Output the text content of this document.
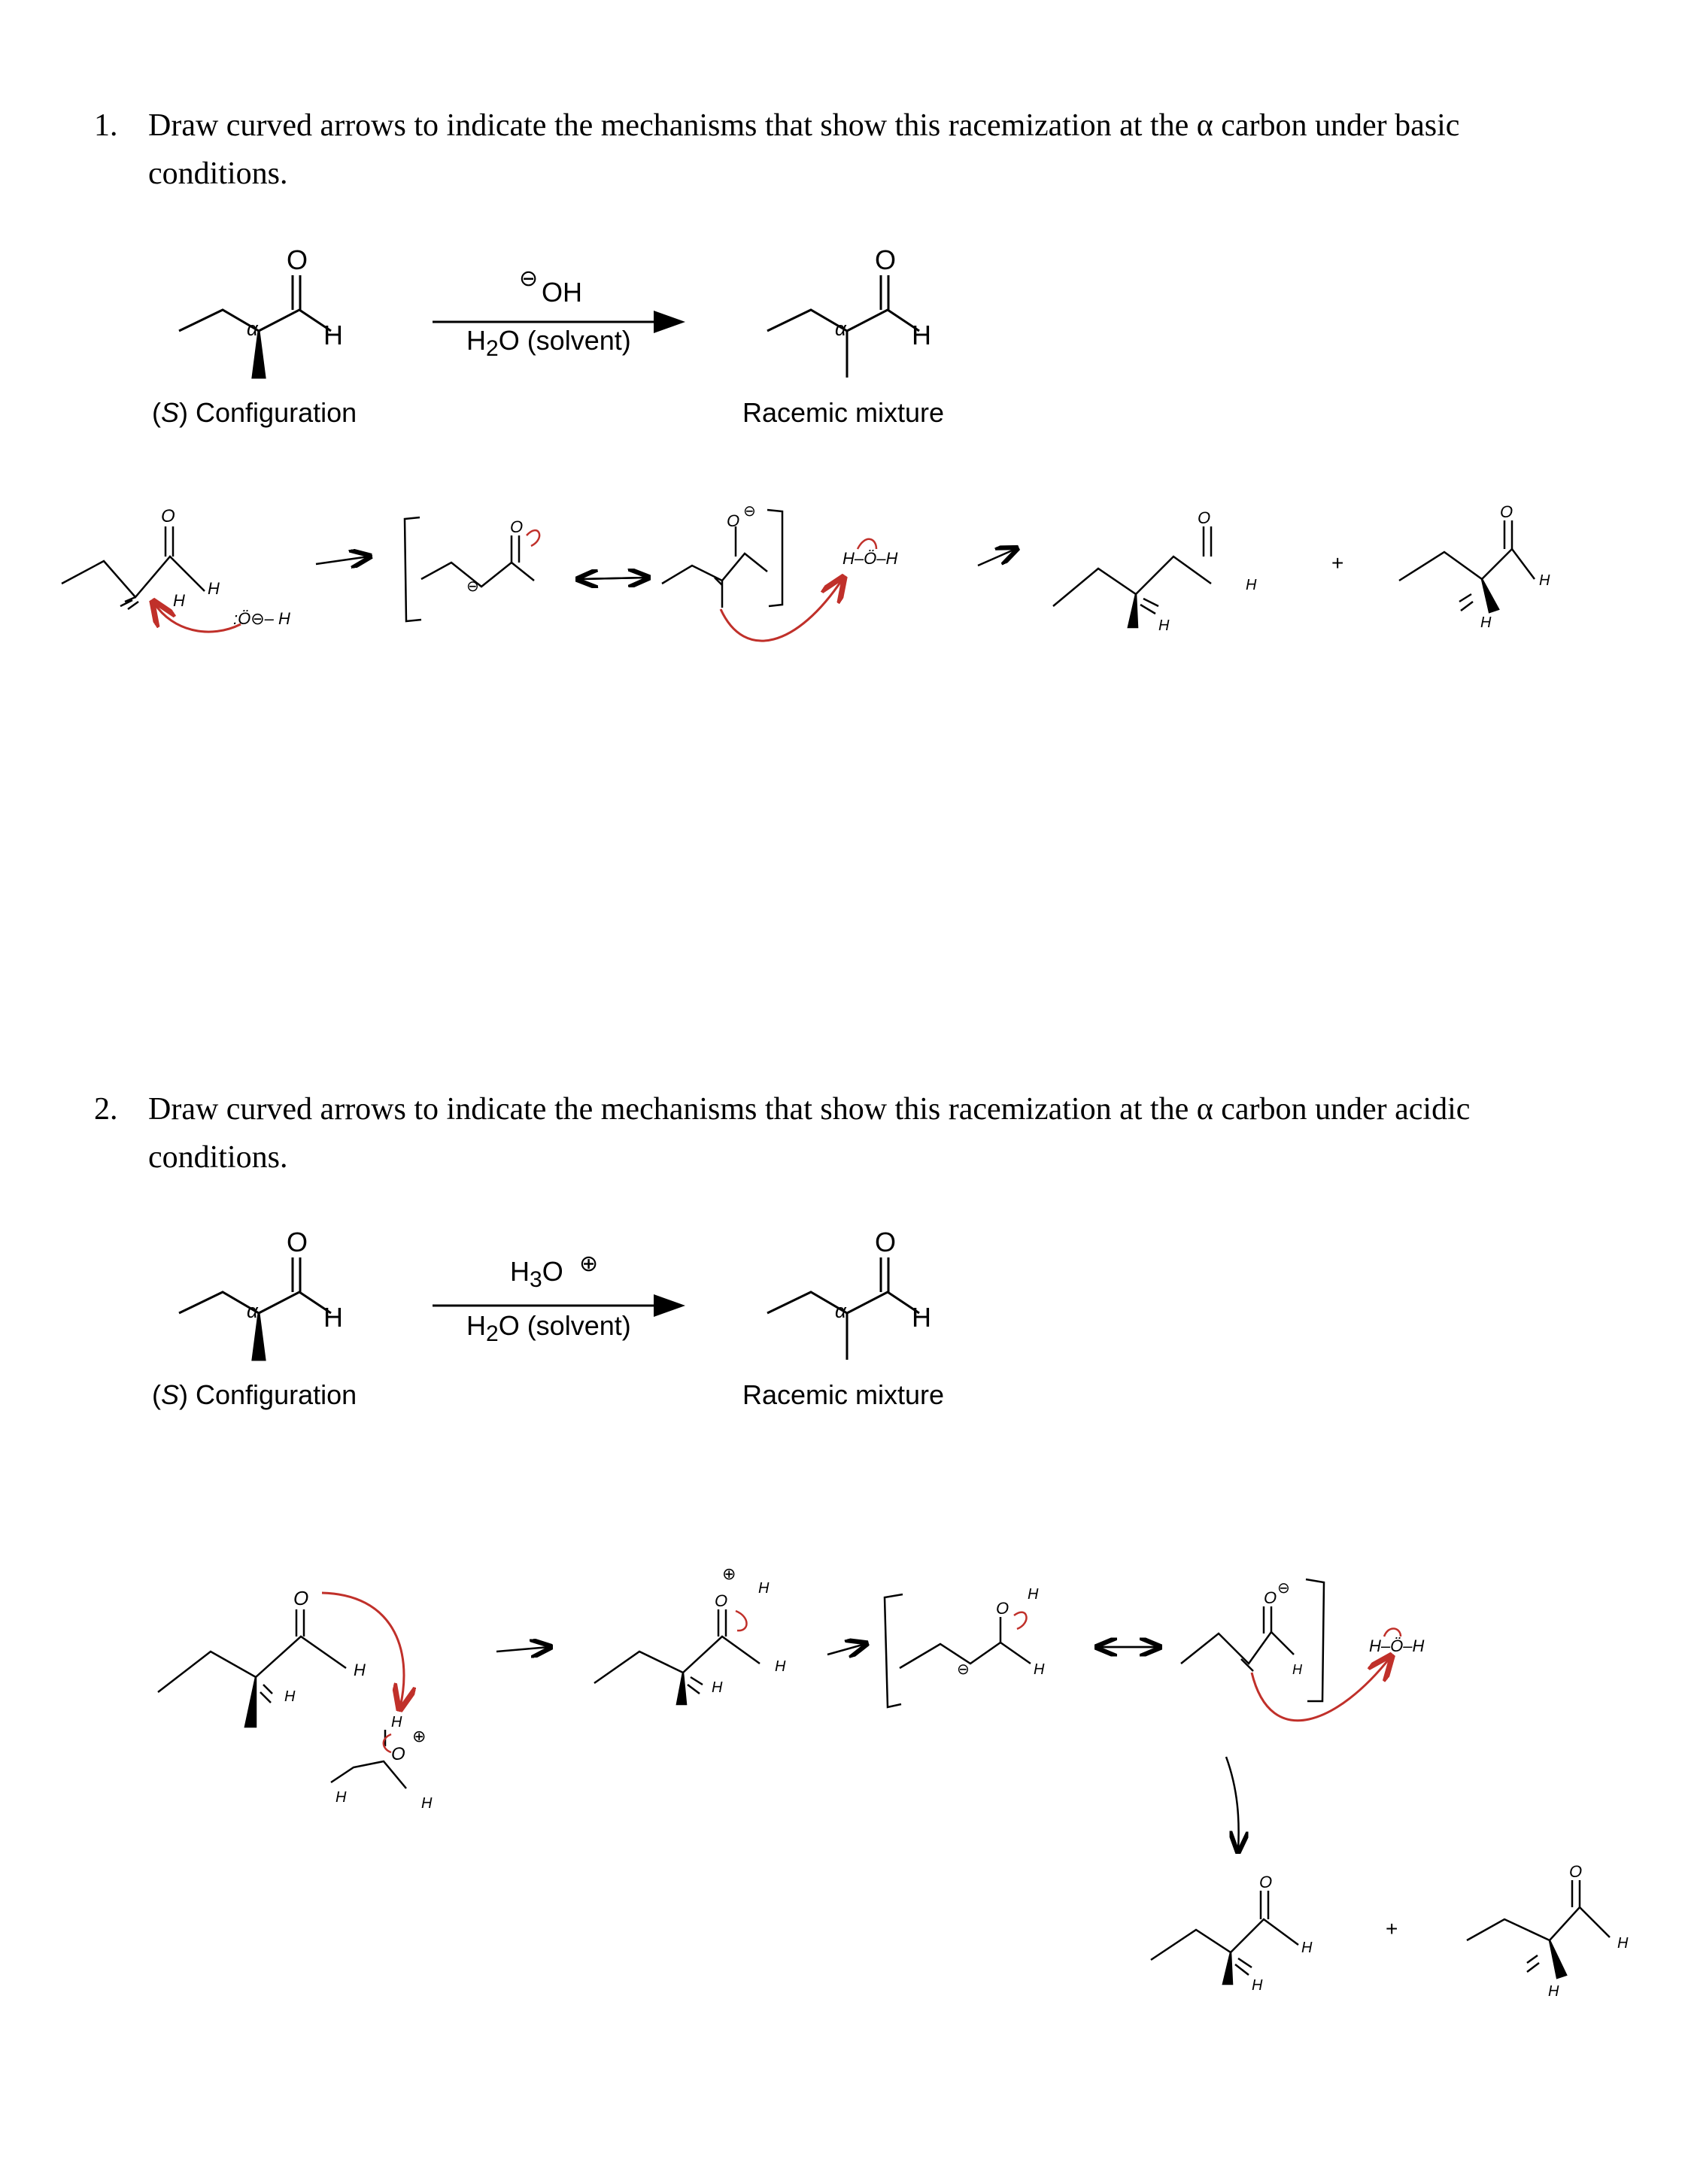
1. Draw curved arrows to indicate the mechanisms that show this racemization at the α carbon under basic
conditions.
2. Draw curved arrows to indicate the mechanisms that show this racemization at the α carbon under acidic
conditions.
OH
$H_2O$ (solvent)
$H_3O$
$H_2O$ (solvent)
(S) Configuration	Racemic mixture
(S) Configuration	Racemic mixture
O
H
α
⊖
O
H
α
H
O
H
:Ö⊖– H
⊖
O	O ⊖
H–Ö–H
O
H
H
+
O
H
H
O
H
α
⊕
O
H
α
O
H
H
O
H
H	H
⊕
O
⊕
H
H
H	⊖
O
H
H
O ⊖
H
H–Ö–H
O
H
H
+
O
H
H
